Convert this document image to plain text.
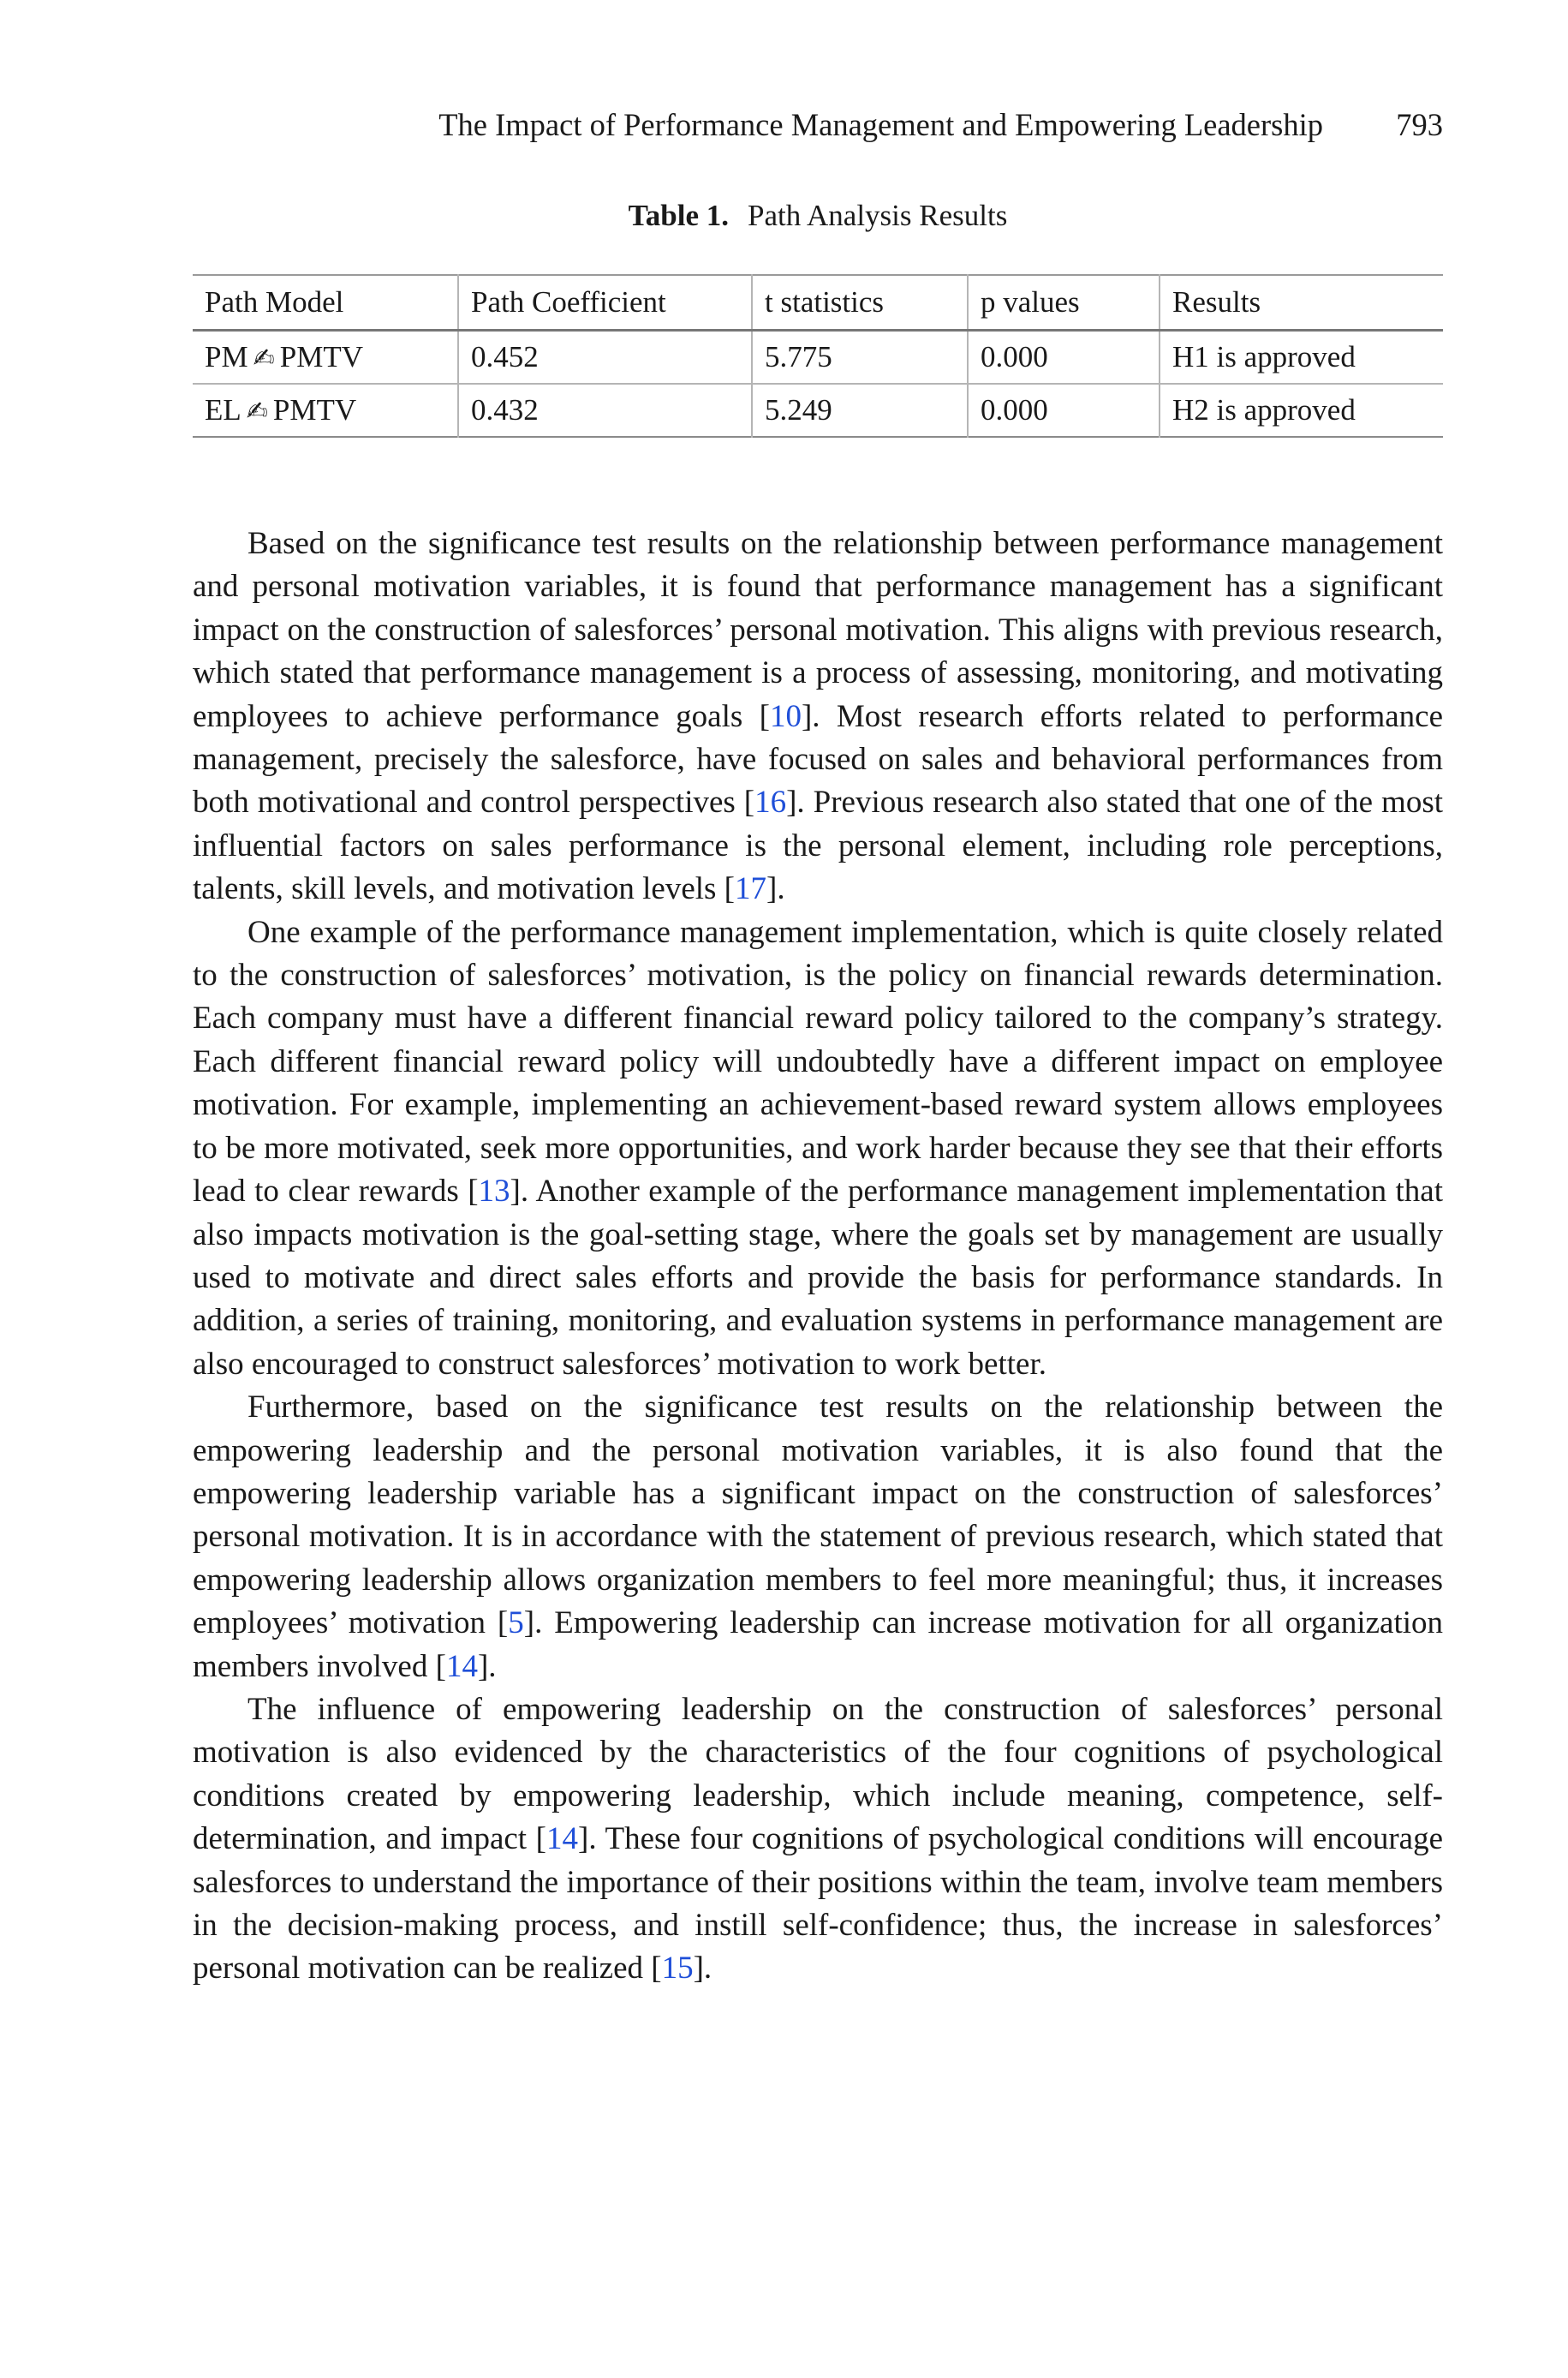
The Impact of Performance Management and Empowering Leadership 793
Table 1. Path Analysis Results
Path Model	Path Coefficient	t statistics	p values	Results
PM ✍ PMTV	0.452	5.775	0.000	H1 is approved
EL ✍ PMTV	0.432	5.249	0.000	H2 is approved

Based on the significance test results on the relationship between performance management and personal motivation variables, it is found that performance management has a significant impact on the construction of salesforces’ personal motivation. This aligns with previous research, which stated that performance management is a process of assessing, monitoring, and motivating employees to achieve performance goals [10]. Most research efforts related to performance management, precisely the salesforce, have focused on sales and behavioral performances from both motivational and control perspectives [16]. Previous research also stated that one of the most influential factors on sales performance is the personal element, including role perceptions, talents, skill levels, and motivation levels [17].

One example of the performance management implementation, which is quite closely related to the construction of salesforces’ motivation, is the policy on financial rewards determination. Each company must have a different financial reward policy tailored to the company’s strategy. Each different financial reward policy will undoubtedly have a different impact on employee motivation. For example, implementing an achievement-based reward system allows employees to be more motivated, seek more opportunities, and work harder because they see that their efforts lead to clear rewards [13]. Another example of the performance management implementation that also impacts motivation is the goal-setting stage, where the goals set by management are usually used to motivate and direct sales efforts and provide the basis for performance standards. In addition, a series of training, monitoring, and evaluation systems in performance management are also encouraged to construct salesforces’ motivation to work better.

Furthermore, based on the significance test results on the relationship between the empowering leadership and the personal motivation variables, it is also found that the empowering leadership variable has a significant impact on the construction of salesforces’ personal motivation. It is in accordance with the statement of previous research, which stated that empowering leadership allows organization members to feel more meaningful; thus, it increases employees’ motivation [5]. Empowering leadership can increase motivation for all organization members involved [14].

The influence of empowering leadership on the construction of salesforces’ personal motivation is also evidenced by the characteristics of the four cognitions of psychological conditions created by empowering leadership, which include meaning, competence, self-determination, and impact [14]. These four cognitions of psychological conditions will encourage salesforces to understand the importance of their positions within the team, involve team members in the decision-making process, and instill self-confidence; thus, the increase in salesforces’ personal motivation can be realized [15].
